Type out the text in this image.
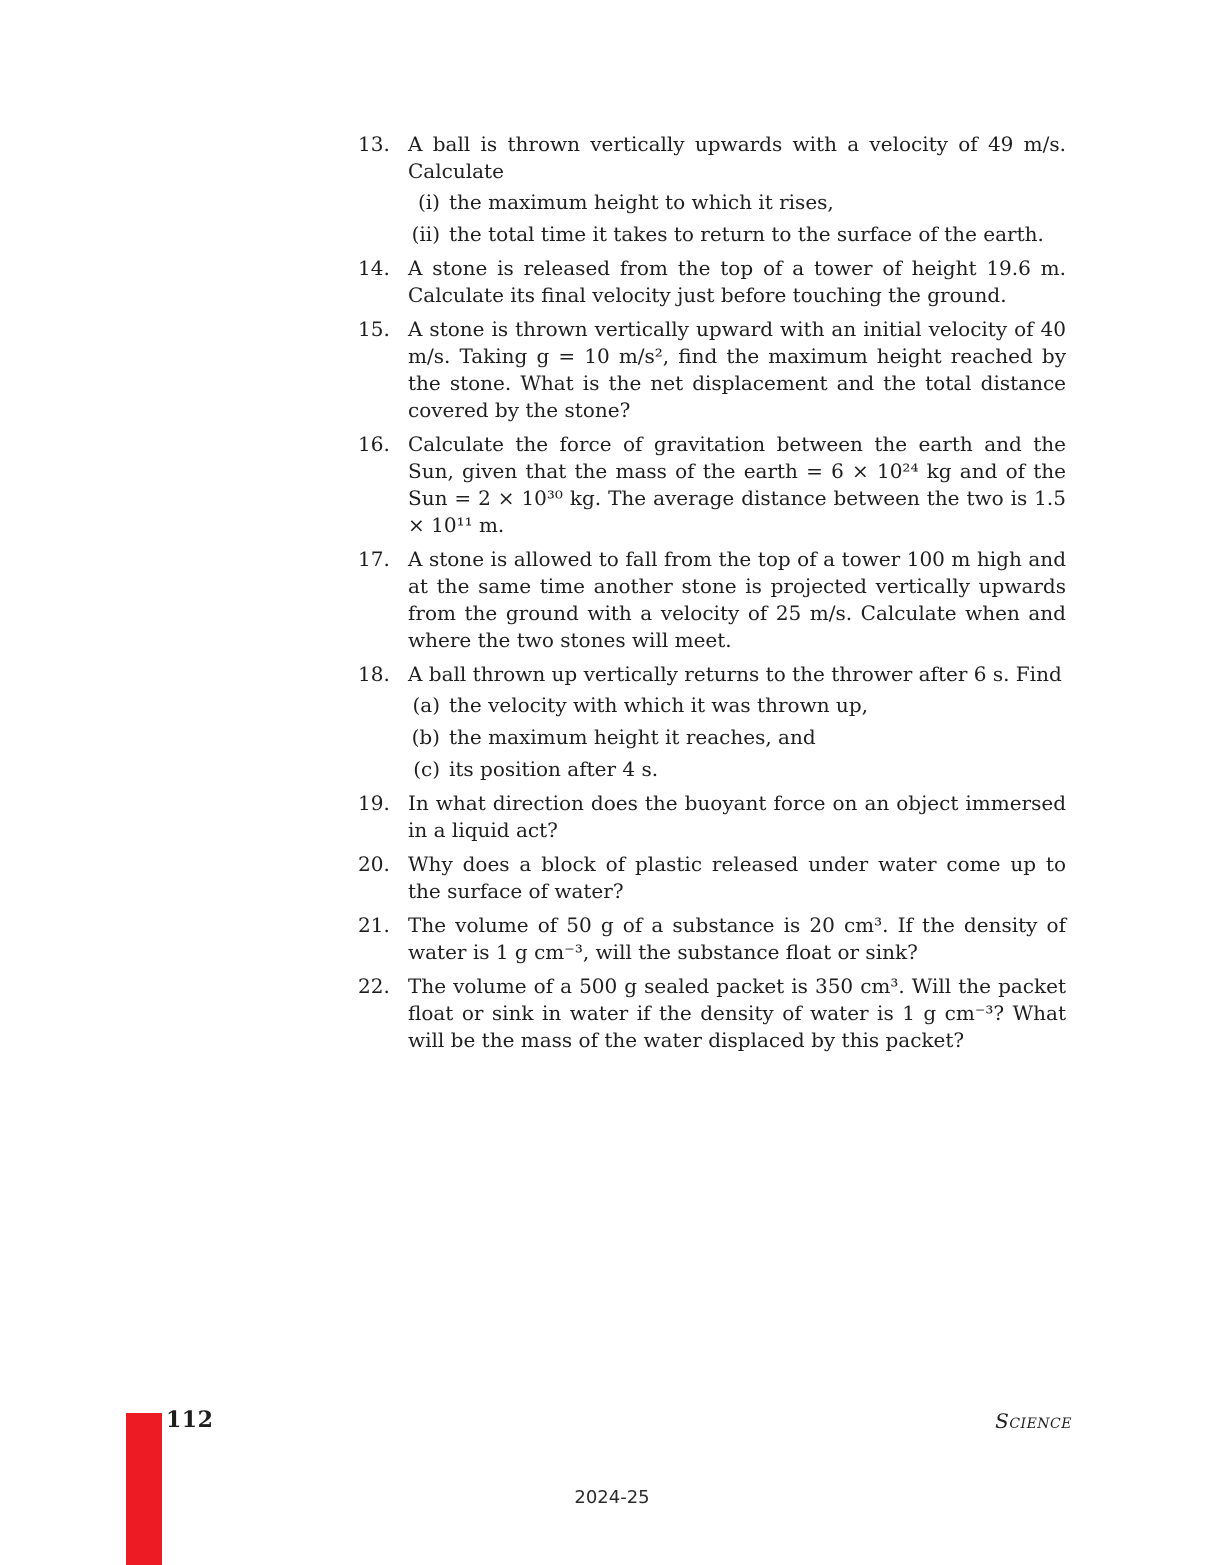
13. A ball is thrown vertically upwards with a velocity of 49 m/s. Calculate

(i) the maximum height to which it rises,

(ii) the total time it takes to return to the surface of the earth.

14. A stone is released from the top of a tower of height 19.6 m. Calculate its final velocity just before touching the ground.

15. A stone is thrown vertically upward with an initial velocity of 40 m/s. Taking g = 10 m/s², find the maximum height reached by the stone. What is the net displacement and the total distance covered by the stone?

16. Calculate the force of gravitation between the earth and the Sun, given that the mass of the earth = 6 × 10²⁴ kg and of the Sun = 2 × 10³⁰ kg. The average distance between the two is 1.5 × 10¹¹ m.

17. A stone is allowed to fall from the top of a tower 100 m high and at the same time another stone is projected vertically upwards from the ground with a velocity of 25 m/s. Calculate when and where the two stones will meet.

18. A ball thrown up vertically returns to the thrower after 6 s. Find

(a) the velocity with which it was thrown up,

(b) the maximum height it reaches, and

(c) its position after 4 s.

19. In what direction does the buoyant force on an object immersed in a liquid act?

20. Why does a block of plastic released under water come up to the surface of water?

21. The volume of 50 g of a substance is 20 cm³. If the density of water is 1 g cm⁻³, will the substance float or sink?

22. The volume of a 500 g sealed packet is 350 cm³. Will the packet float or sink in water if the density of water is 1 g cm⁻³? What will be the mass of the water displaced by this packet?

112	Science
2024-25
